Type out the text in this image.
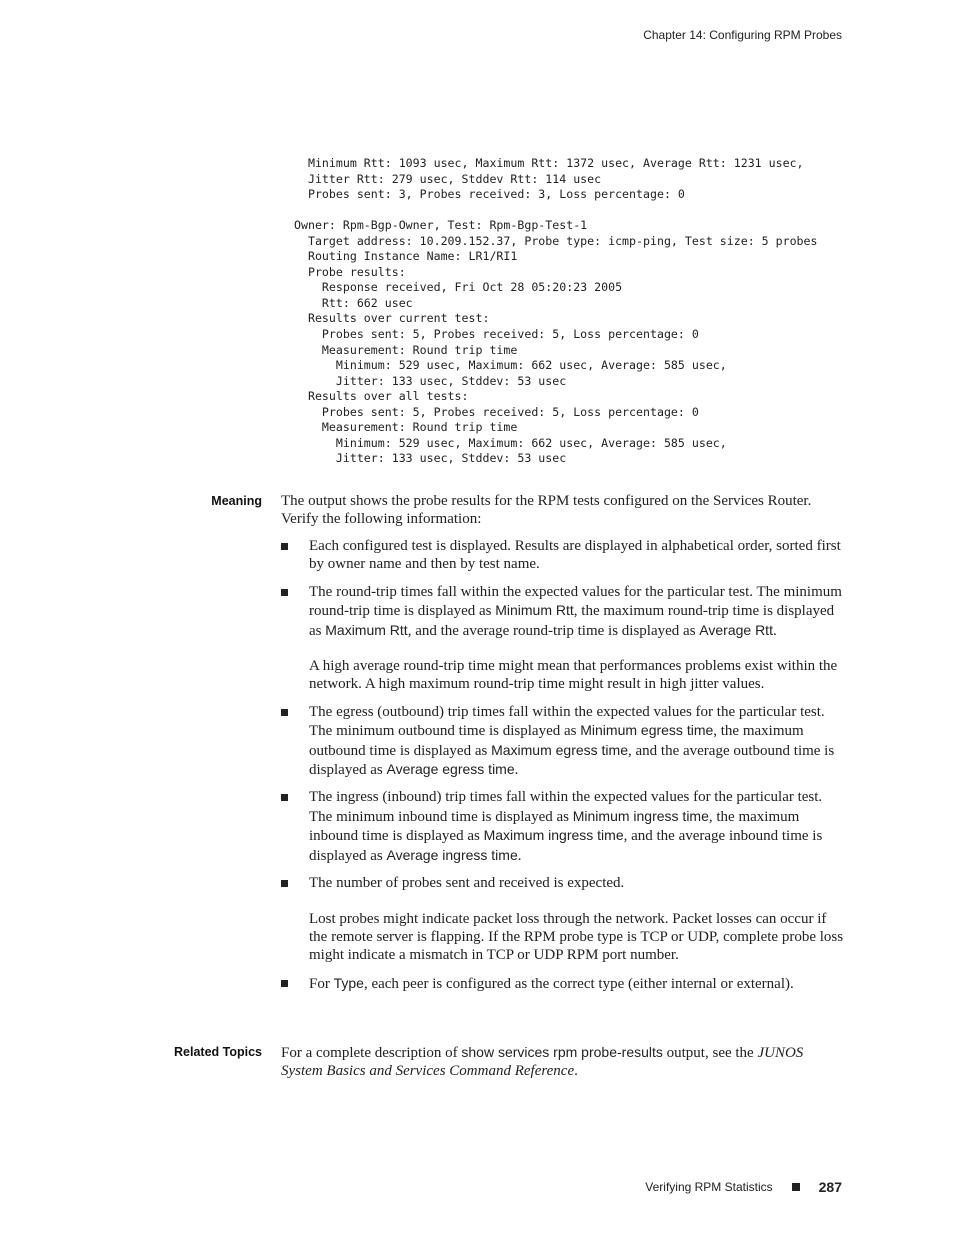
Chapter 14: Configuring RPM Probes
Minimum Rtt: 1093 usec, Maximum Rtt: 1372 usec, Average Rtt: 1231 usec,
Jitter Rtt: 279 usec, Stddev Rtt: 114 usec
Probes sent: 3, Probes received: 3, Loss percentage: 0
Owner: Rpm-Bgp-Owner, Test: Rpm-Bgp-Test-1
Target address: 10.209.152.37, Probe type: icmp-ping, Test size: 5 probes
Routing Instance Name: LR1/RI1
Probe results:
Response received, Fri Oct 28 05:20:23 2005
Rtt: 662 usec
Results over current test:
Probes sent: 5, Probes received: 5, Loss percentage: 0
Measurement: Round trip time
Minimum: 529 usec, Maximum: 662 usec, Average: 585 usec,
Jitter: 133 usec, Stddev: 53 usec
Results over all tests:
Probes sent: 5, Probes received: 5, Loss percentage: 0
Measurement: Round trip time
Minimum: 529 usec, Maximum: 662 usec, Average: 585 usec,
Jitter: 133 usec, Stddev: 53 usec
Meaning The output shows the probe results for the RPM tests configured on the Services Router. Verify the following information:

Each configured test is displayed. Results are displayed in alphabetical order, sorted first by owner name and then by test name.

The round-trip times fall within the expected values for the particular test. The minimum round-trip time is displayed as Minimum Rtt, the maximum round-trip time is displayed as Maximum Rtt, and the average round-trip time is displayed as Average Rtt.

A high average round-trip time might mean that performances problems exist within the network. A high maximum round-trip time might result in high jitter values.

The egress (outbound) trip times fall within the expected values for the particular test. The minimum outbound time is displayed as Minimum egress time, the maximum outbound time is displayed as Maximum egress time, and the average outbound time is displayed as Average egress time.

The ingress (inbound) trip times fall within the expected values for the particular test. The minimum inbound time is displayed as Minimum ingress time, the maximum inbound time is displayed as Maximum ingress time, and the average inbound time is displayed as Average ingress time.

The number of probes sent and received is expected.

Lost probes might indicate packet loss through the network. Packet losses can occur if the remote server is flapping. If the RPM probe type is TCP or UDP, complete probe loss might indicate a mismatch in TCP or UDP RPM port number.

For Type, each peer is configured as the correct type (either internal or external).

Related Topics For a complete description of show services rpm probe-results output, see the JUNOS System Basics and Services Command Reference.

Verifying RPM Statistics	287
